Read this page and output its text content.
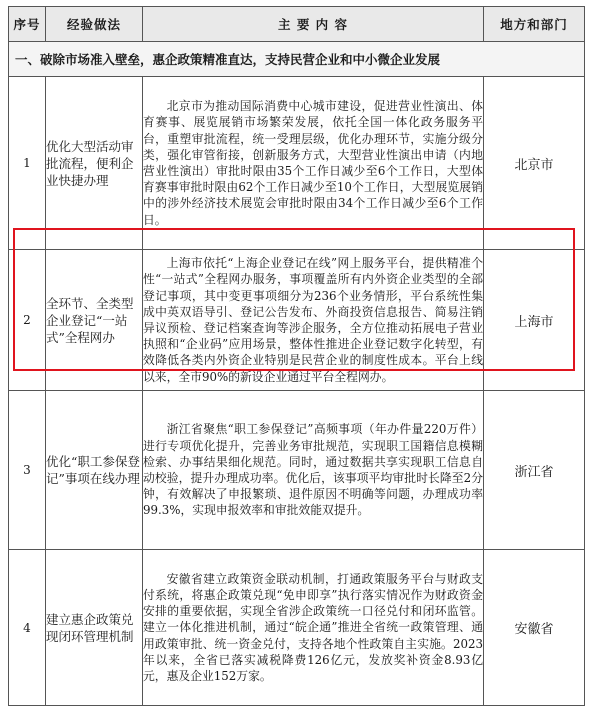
序号	经验做法	主 要 内 容	地方和部门
一、破除市场准入壁垒，惠企政策精准直达，支持民营企业和中小微企业发展			
1	优化大型活动审批流程，便利企业快捷办理	北京市为推动国际消费中心城市建设，促进营业性演出、体育赛事、展览展销市场繁荣发展，依托全国一体化政务服务平台，重塑审批流程，统一受理层级，优化办理环节，实施分级分类，强化审管衔接，创新服务方式，大型营业性演出申请（内地营业性演出）审批时限由35个工作日减少至6个工作日，大型体育赛事审批时限由62个工作日减少至10个工作日，大型展览展销中的涉外经济技术展览会审批时限由34个工作日减少至6个工作日。	北京市
2	全环节、全类型企业登记“一站式”全程网办	上海市依托“上海企业登记在线”网上服务平台，提供精准个性“一站式”全程网办服务，事项覆盖所有内外资企业类型的全部登记事项，其中变更事项细分为236个业务情形，平台系统性集成中英双语导引、登记公告发布、外商投资信息报告、简易注销异议预检、登记档案查询等涉企服务，全方位推动拓展电子营业执照和“企业码”应用场景，整体性推进企业登记数字化转型，有效降低各类内外资企业特别是民营企业的制度性成本。平台上线以来，全市90%的新设企业通过平台全程网办。	上海市
3	优化“职工参保登记”事项在线办理	浙江省聚焦“职工参保登记”高频事项（年办件量220万件）进行专项优化提升，完善业务审批规范，实现职工国籍信息模糊检索、办事结果细化规范。同时，通过数据共享实现职工信息自动校验，提升办理成功率。优化后，该事项平均审批时长降至2分钟，有效解决了申报繁琐、退件原因不明确等问题，办理成功率99.3%，实现申报效率和审批效能双提升。	浙江省
4	建立惠企政策兑现闭环管理机制	安徽省建立政策资金联动机制，打通政策服务平台与财政支付系统，将惠企政策兑现“免申即享”执行落实情况作为财政资金安排的重要依据，实现全省涉企政策统一口径兑付和闭环监管。建立一体化推进机制，通过“皖企通”推进全省统一政策管理、通用政策审批、统一资金兑付，支持各地个性政策自主实施。2023年以来，全省已落实减税降费126亿元，发放奖补资金8.93亿元，惠及企业152万家。	安徽省
